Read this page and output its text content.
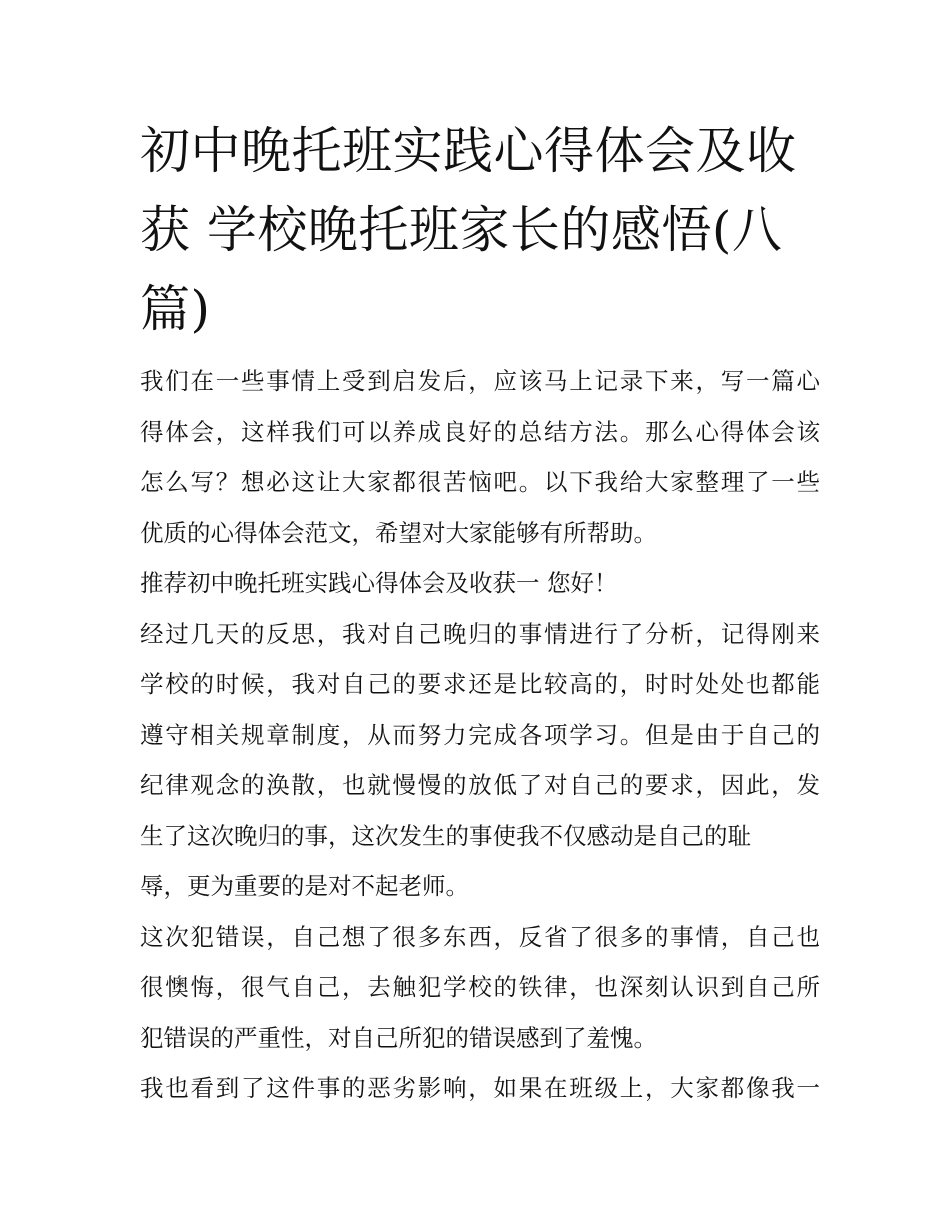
初中晚托班实践心得体会及收获 学校晚托班家长的感悟(八篇)
我们在一些事情上受到启发后，应该马上记录下来，写一篇心
得体会，这样我们可以养成良好的总结方法。那么心得体会该
怎么写？想必这让大家都很苦恼吧。以下我给大家整理了一些
优质的心得体会范文，希望对大家能够有所帮助。
推荐初中晚托班实践心得体会及收获一 您好！
经过几天的反思，我对自己晚归的事情进行了分析，记得刚来
学校的时候，我对自己的要求还是比较高的，时时处处也都能
遵守相关规章制度，从而努力完成各项学习。但是由于自己的
纪律观念的涣散，也就慢慢的放低了对自己的要求，因此，发
生了这次晚归的事，这次发生的事使我不仅感动是自己的耻
辱，更为重要的是对不起老师。
这次犯错误，自己想了很多东西，反省了很多的事情，自己也
很懊悔，很气自己，去触犯学校的铁律，也深刻认识到自己所
犯错误的严重性，对自己所犯的错误感到了羞愧。
我也看到了这件事的恶劣影响，如果在班级上，大家都像我一
